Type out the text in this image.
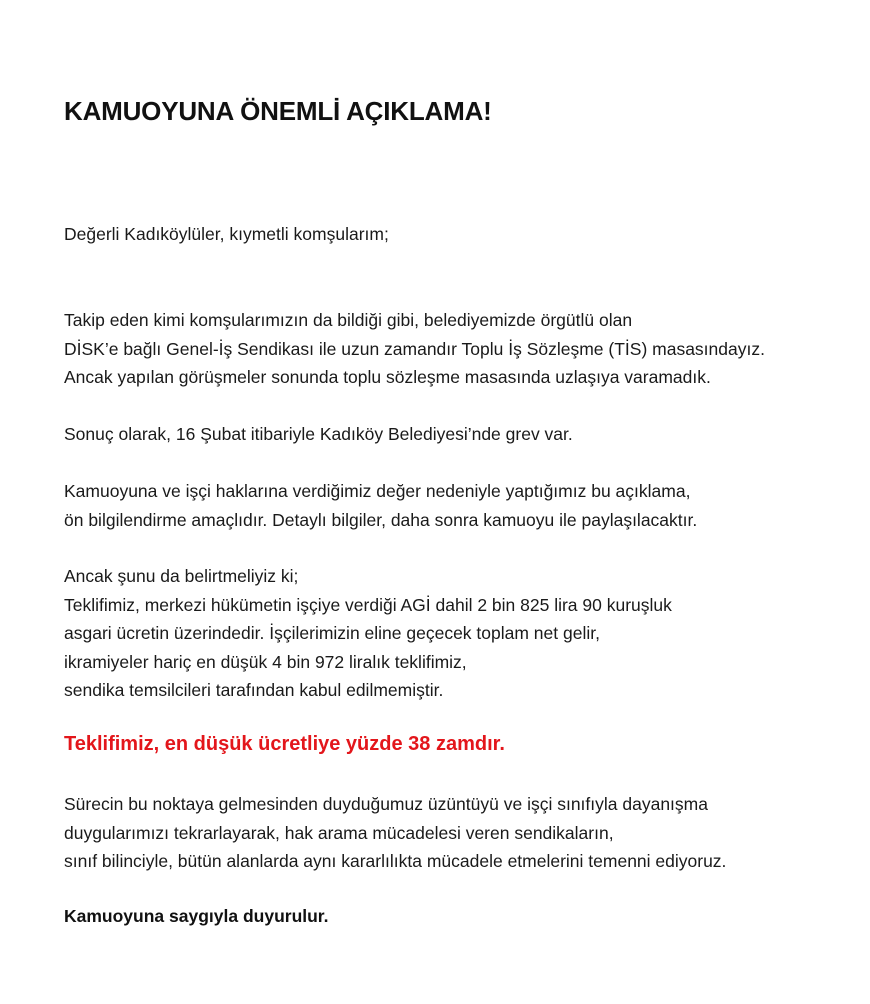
KAMUOYUNA ÖNEMLİ AÇIKLAMA!

Değerli Kadıköylüler, kıymetli komşularım;

Takip eden kimi komşularımızın da bildiği gibi, belediyemizde örgütlü olan
DİSK’e bağlı Genel-İş Sendikası ile uzun zamandır Toplu İş Sözleşme (TİS) masasındayız.
Ancak yapılan görüşmeler sonunda toplu sözleşme masasında uzlaşıya varamadık.

Sonuç olarak, 16 Şubat itibariyle Kadıköy Belediyesi’nde grev var.

Kamuoyuna ve işçi haklarına verdiğimiz değer nedeniyle yaptığımız bu açıklama,
ön bilgilendirme amaçlıdır. Detaylı bilgiler, daha sonra kamuoyu ile paylaşılacaktır.

Ancak şunu da belirtmeliyiz ki;
Teklifimiz, merkezi hükümetin işçiye verdiği AGİ dahil 2 bin 825 lira 90 kuruşluk
asgari ücretin üzerindedir. İşçilerimizin eline geçecek toplam net gelir,
ikramiyeler hariç en düşük 4 bin 972 liralık teklifimiz,
sendika temsilcileri tarafından kabul edilmemiştir.

Teklifimiz, en düşük ücretliye yüzde 38 zamdır.

Sürecin bu noktaya gelmesinden duyduğumuz üzüntüyü ve işçi sınıfıyla dayanışma
duygularımızı tekrarlayarak, hak arama mücadelesi veren sendikaların,
sınıf bilinciyle, bütün alanlarda aynı kararlılıkta mücadele etmelerini temenni ediyoruz.

Kamuoyuna saygıyla duyurulur.
